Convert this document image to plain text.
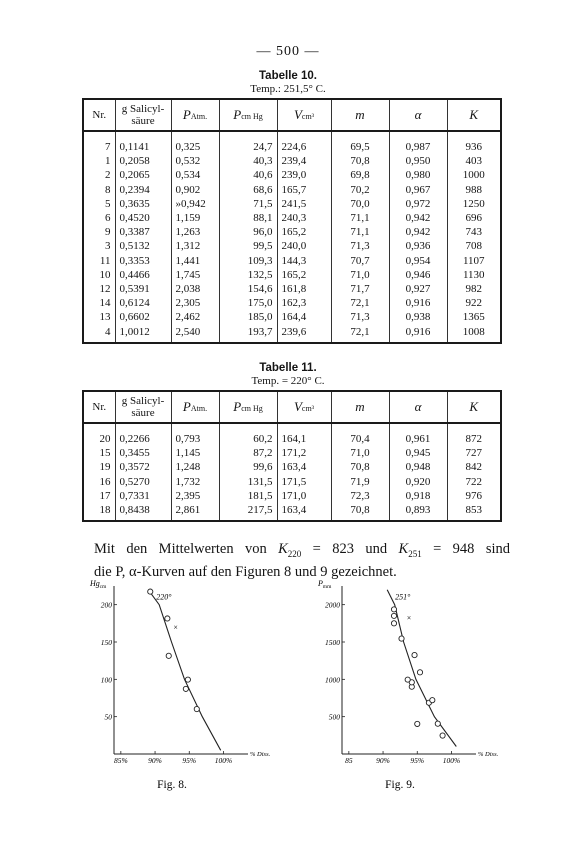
— 500 —
Tabelle 10.
Temp.: 251,5° C.
Nr.	g Salicyl-
säure	PAtm.	Pcm Hg	Vcm³	m	α	K
7	0,1141	0,325	24,7	224,6	69,5	0,987	936
1	0,2058	0,532	40,3	239,4	70,8	0,950	403
2	0,2065	0,534	40,6	239,0	69,8	0,980	1000
8	0,2394	0,902	68,6	165,7	70,2	0,967	988
5	0,3635	»0,942	71,5	241,5	70,0	0,972	1250
6	0,4520	1,159	88,1	240,3	71,1	0,942	696
9	0,3387	1,263	96,0	165,2	71,1	0,942	743
3	0,5132	1,312	99,5	240,0	71,3	0,936	708
11	0,3353	1,441	109,3	144,3	70,7	0,954	1107
10	0,4466	1,745	132,5	165,2	71,0	0,946	1130
12	0,5391	2,038	154,6	161,8	71,7	0,927	982
14	0,6124	2,305	175,0	162,3	72,1	0,916	922
13	0,6602	2,462	185,0	164,4	71,3	0,938	1365
4	1,0012	2,540	193,7	239,6	72,1	0,916	1008
Tabelle 11.
Temp. = 220° C.
Nr.	g Salicyl-
säure	PAtm.	Pcm Hg	Vcm³	m	α	K
20	0,2266	0,793	60,2	164,1	70,4	0,961	872
15	0,3455	1,145	87,2	171,2	71,0	0,945	727
19	0,3572	1,248	99,6	163,4	70,8	0,948	842
16	0,5270	1,732	131,5	171,5	71,9	0,920	722
17	0,7331	2,395	181,5	171,0	72,3	0,918	976
18	0,8438	2,861	217,5	163,4	70,8	0,893	853
Mit den Mittelwerten von $K_{220} = 823$ und $K_{251} = 948$ sind
die P, α-Kurven auf den Figuren 8 und 9 gezeichnet.
Hg cm
200
150
100
50
85%	90%	95% 100%
% Diss.
220°
×
Fig. 8.
P mm
2000
1500
1000
500
85	90%	95% 100%
% Diss.
251°
×
Fig. 9.
